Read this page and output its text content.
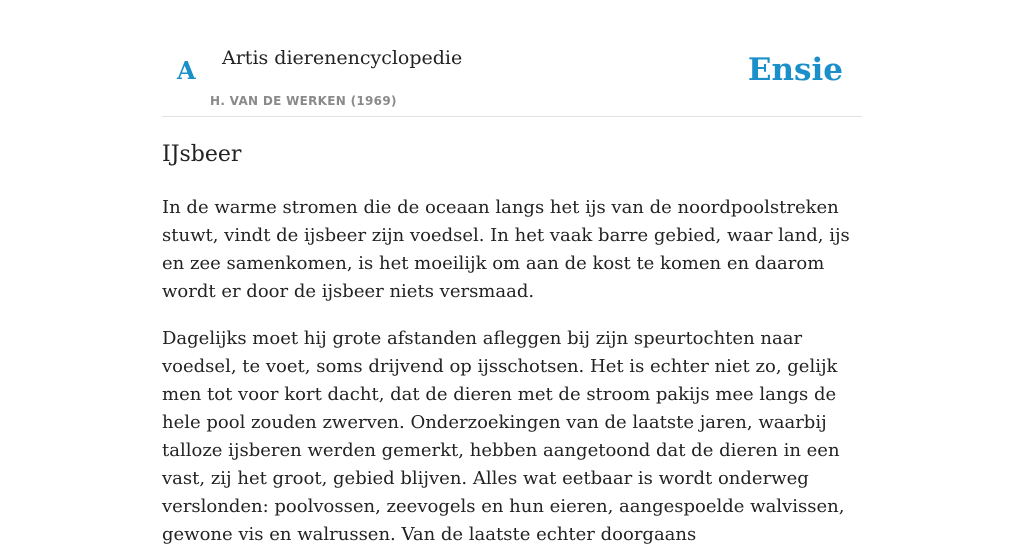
A Artis dierenencyclopedie
H. VAN DE WERKEN (1969)
Ensie
IJsbeer

In de warme stromen die de oceaan langs het ijs van de noordpoolstreken stuwt, vindt de ijsbeer zijn voedsel. In het vaak barre gebied, waar land, ijs en zee samenkomen, is het moeilijk om aan de kost te komen en daarom wordt er door de ijsbeer niets versmaad.

Dagelijks moet hij grote afstanden afleggen bij zijn speurtochten naar voedsel, te voet, soms drijvend op ijsschotsen. Het is echter niet zo, gelijk men tot voor kort dacht, dat de dieren met de stroom pakijs mee langs de hele pool zouden zwerven. Onderzoekingen van de laatste jaren, waarbij talloze ijsberen werden gemerkt, hebben aangetoond dat de dieren in een vast, zij het groot, gebied blijven. Alles wat eetbaar is wordt onderweg verslonden: poolvossen, zeevogels en hun eieren, aangespoelde walvissen, gewone vis en walrussen. Van de laatste echter doorgaans
